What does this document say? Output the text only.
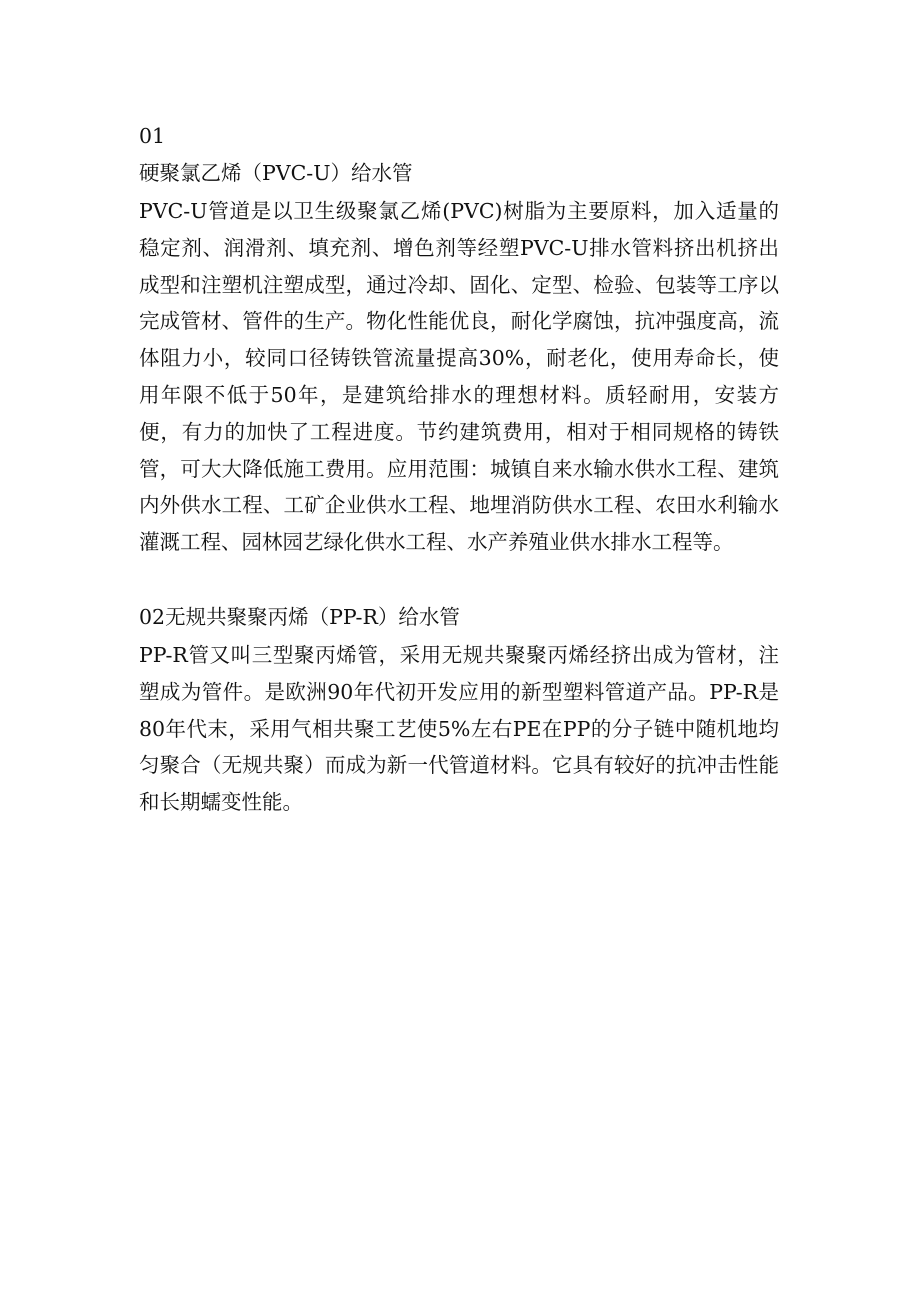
01
硬聚氯乙烯（PVC-U）给水管

PVC-U管道是以卫生级聚氯乙烯(PVC)树脂为主要原料，加入适量的稳定剂、润滑剂、填充剂、增色剂等经塑PVC-U排水管料挤出机挤出成型和注塑机注塑成型，通过冷却、固化、定型、检验、包装等工序以完成管材、管件的生产。物化性能优良，耐化学腐蚀，抗冲强度高，流体阻力小，较同口径铸铁管流量提高30%，耐老化，使用寿命长，使用年限不低于50年，是建筑给排水的理想材料。质轻耐用，安装方便，有力的加快了工程进度。节约建筑费用，相对于相同规格的铸铁管，可大大降低施工费用。应用范围：城镇自来水输水供水工程、建筑内外供水工程、工矿企业供水工程、地埋消防供水工程、农田水利输水灌溉工程、园林园艺绿化供水工程、水产养殖业供水排水工程等。

02无规共聚聚丙烯（PP-R）给水管

PP-R管又叫三型聚丙烯管，采用无规共聚聚丙烯经挤出成为管材，注塑成为管件。是欧洲90年代初开发应用的新型塑料管道产品。PP-R是80年代末，采用气相共聚工艺使5%左右PE在PP的分子链中随机地均匀聚合（无规共聚）而成为新一代管道材料。它具有较好的抗冲击性能和长期蠕变性能。
